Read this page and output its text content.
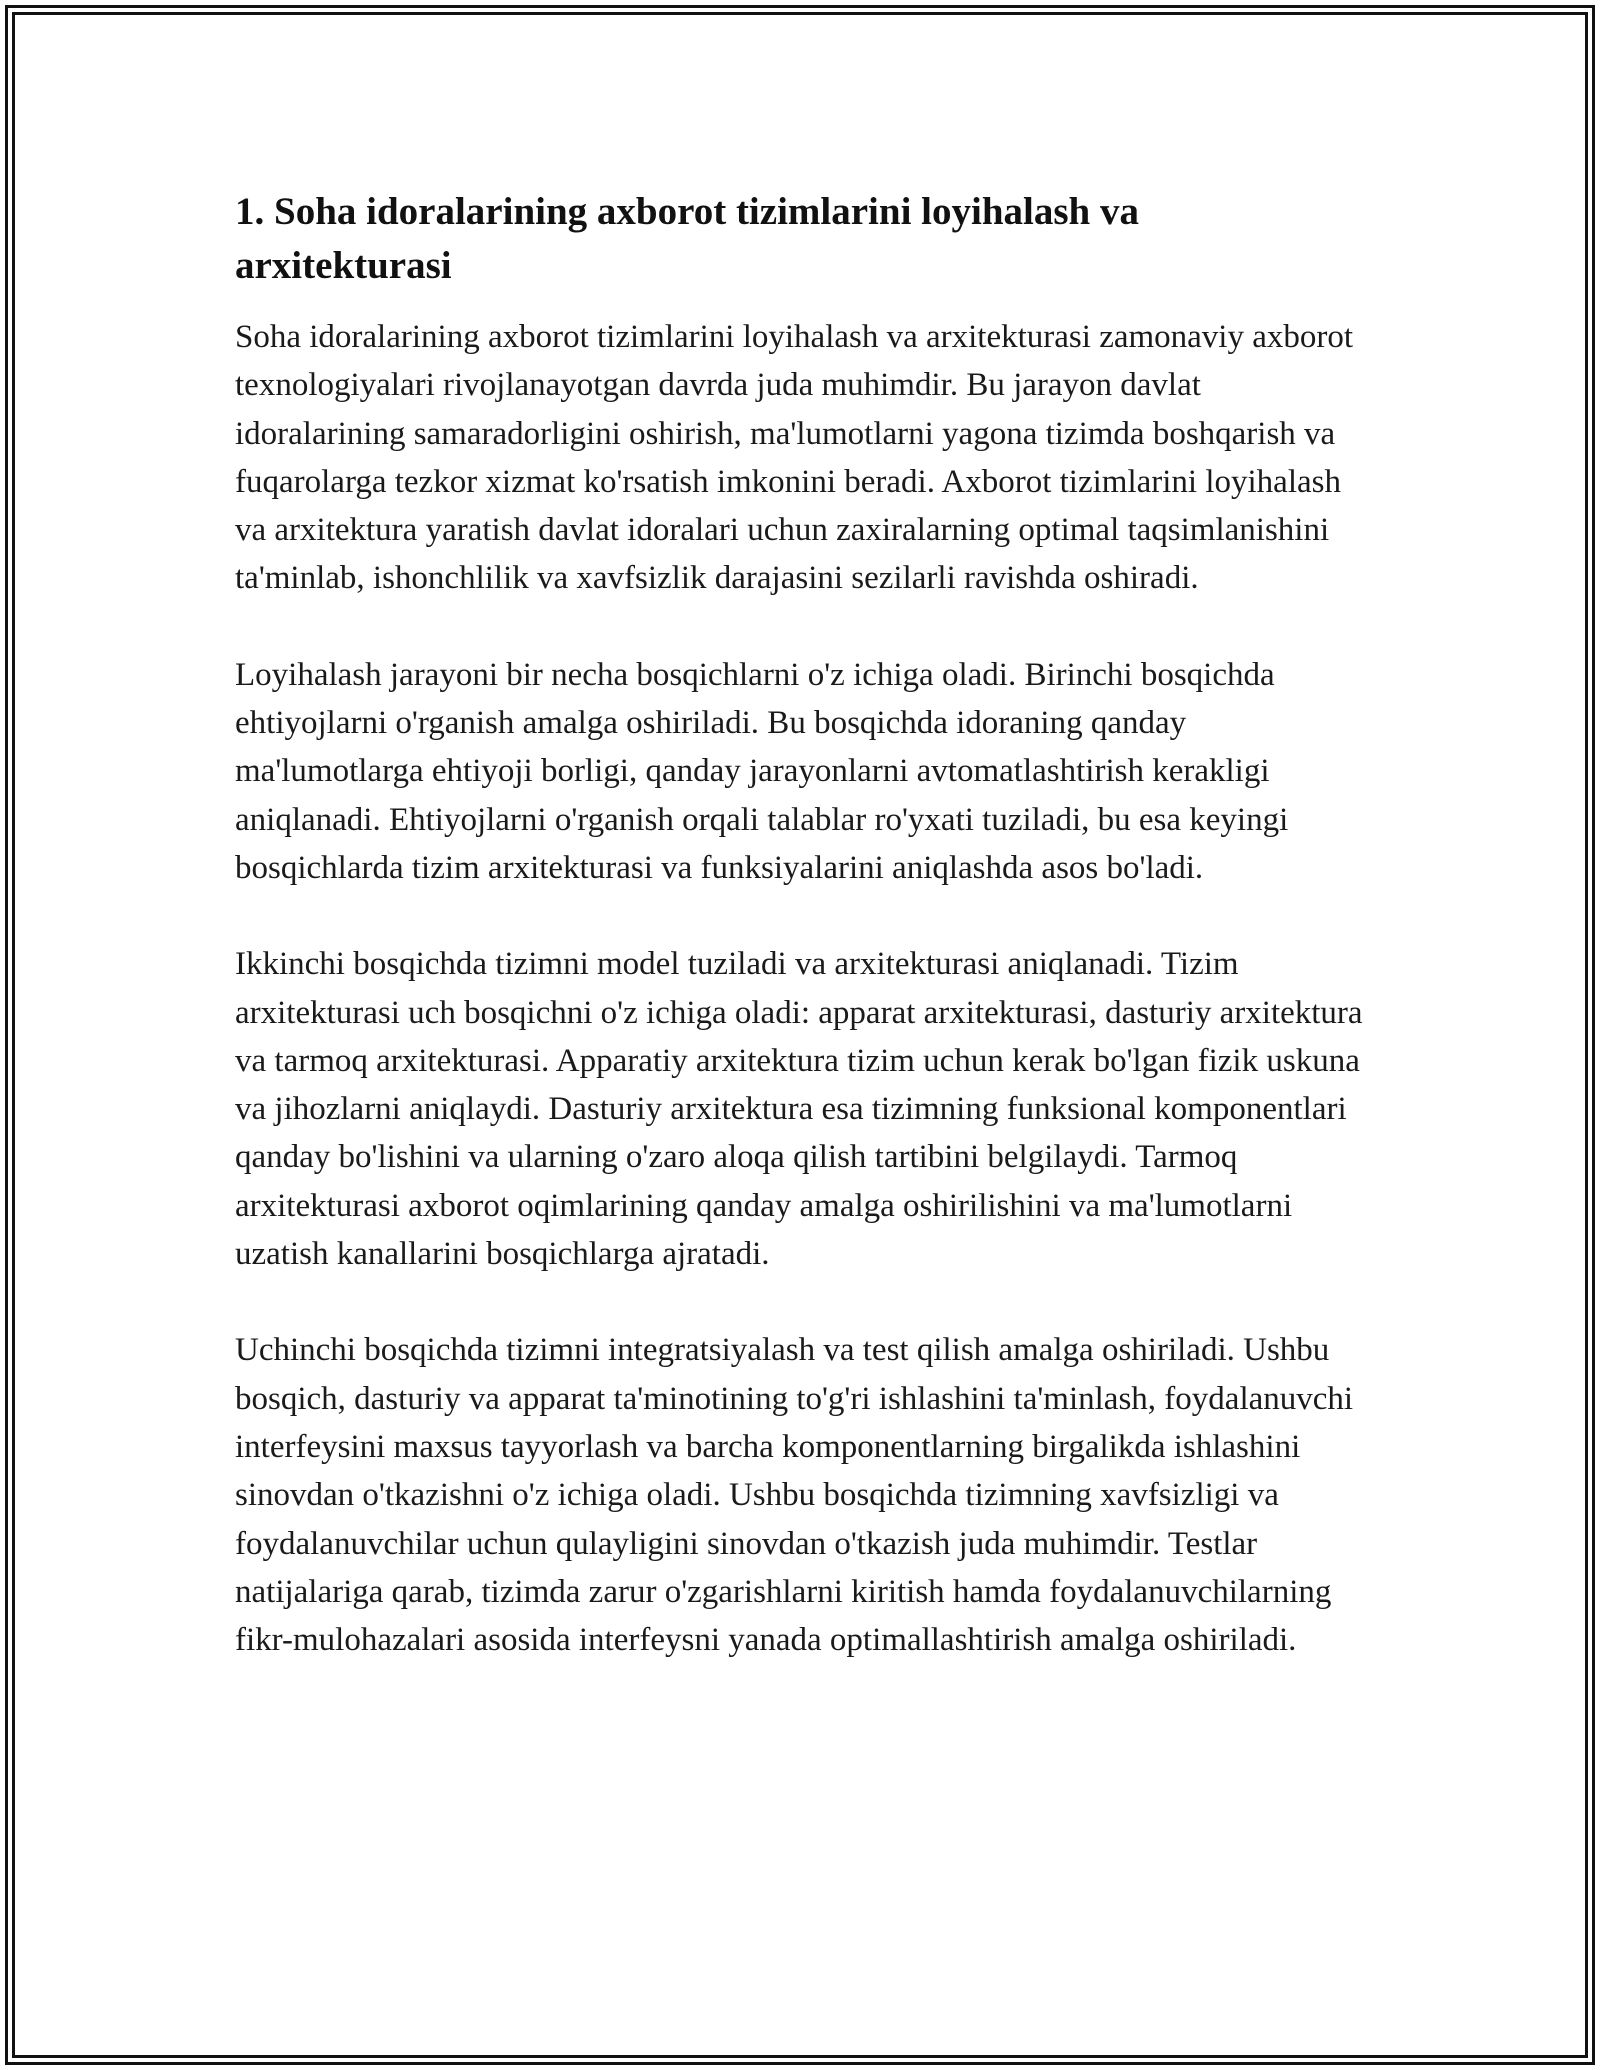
1. Soha idoralarining axborot tizimlarini loyihalash va arxitekturasi

Soha idoralarining axborot tizimlarini loyihalash va arxitekturasi zamonaviy axborot texnologiyalari rivojlanayotgan davrda juda muhimdir. Bu jarayon davlat idoralarining samaradorligini oshirish, ma'lumotlarni yagona tizimda boshqarish va fuqarolarga tezkor xizmat ko'rsatish imkonini beradi. Axborot tizimlarini loyihalash va arxitektura yaratish davlat idoralari uchun zaxiralarning optimal taqsimlanishini ta'minlab, ishonchlilik va xavfsizlik darajasini sezilarli ravishda oshiradi.

Loyihalash jarayoni bir necha bosqichlarni o'z ichiga oladi. Birinchi bosqichda ehtiyojlarni o'rganish amalga oshiriladi. Bu bosqichda idoraning qanday ma'lumotlarga ehtiyoji borligi, qanday jarayonlarni avtomatlashtirish kerakligi aniqlanadi. Ehtiyojlarni o'rganish orqali talablar ro'yxati tuziladi, bu esa keyingi bosqichlarda tizim arxitekturasi va funksiyalarini aniqlashda asos bo'ladi.

Ikkinchi bosqichda tizimni model tuziladi va arxitekturasi aniqlanadi. Tizim arxitekturasi uch bosqichni o'z ichiga oladi: apparat arxitekturasi, dasturiy arxitektura va tarmoq arxitekturasi. Apparatiy arxitektura tizim uchun kerak bo'lgan fizik uskuna va jihozlarni aniqlaydi. Dasturiy arxitektura esa tizimning funksional komponentlari qanday bo'lishini va ularning o'zaro aloqa qilish tartibini belgilaydi. Tarmoq arxitekturasi axborot oqimlarining qanday amalga oshirilishini va ma'lumotlarni uzatish kanallarini bosqichlarga ajratadi.

Uchinchi bosqichda tizimni integratsiyalash va test qilish amalga oshiriladi. Ushbu bosqich, dasturiy va apparat ta'minotining to'g'ri ishlashini ta'minlash, foydalanuvchi interfeysini maxsus tayyorlash va barcha komponentlarning birgalikda ishlashini sinovdan o'tkazishni o'z ichiga oladi. Ushbu bosqichda tizimning xavfsizligi va foydalanuvchilar uchun qulayligini sinovdan o'tkazish juda muhimdir. Testlar natijalariga qarab, tizimda zarur o'zgarishlarni kiritish hamda foydalanuvchilarning fikr-mulohazalari asosida interfeysni yanada optimallashtirish amalga oshiriladi.
